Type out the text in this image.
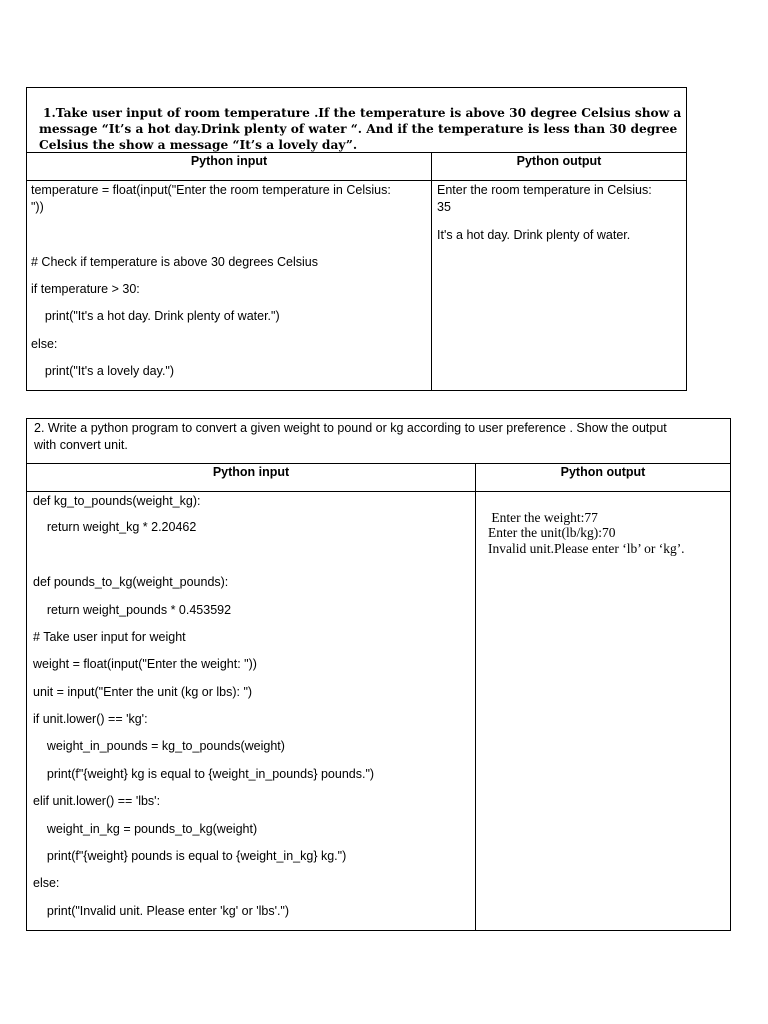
1.Take user input of room temperature .If the temperature is above 30 degree Celsius show a
message “It’s a hot day.Drink plenty of water “. And if the temperature is less than 30 degree
Celsius the show a message “It’s a lovely day”.
Python input	Python output
temperature = float(input("Enter the room temperature in Celsius:
"))
# Check if temperature is above 30 degrees Celsius
if temperature > 30:
print("It's a hot day. Drink plenty of water.")
else:
print("It's a lovely day.")
Enter the room temperature in Celsius:
35
It's a hot day. Drink plenty of water.
2. Write a python program to convert a given weight to pound or kg according to user preference . Show the output
with convert unit.
Python input	Python output
def kg_to_pounds(weight_kg):
return weight_kg * 2.20462
def pounds_to_kg(weight_pounds):
return weight_pounds * 0.453592
# Take user input for weight
weight = float(input("Enter the weight: "))
unit = input("Enter the unit (kg or lbs): ")
if unit.lower() == 'kg':
weight_in_pounds = kg_to_pounds(weight)
print(f"{weight} kg is equal to {weight_in_pounds} pounds.")
elif unit.lower() == 'lbs':
weight_in_kg = pounds_to_kg(weight)
print(f"{weight} pounds is equal to {weight_in_kg} kg.")
else:
print("Invalid unit. Please enter 'kg' or 'lbs'.")
Enter the weight:77
Enter the unit(lb/kg):70
Invalid unit.Please enter ‘lb’ or ‘kg’.
